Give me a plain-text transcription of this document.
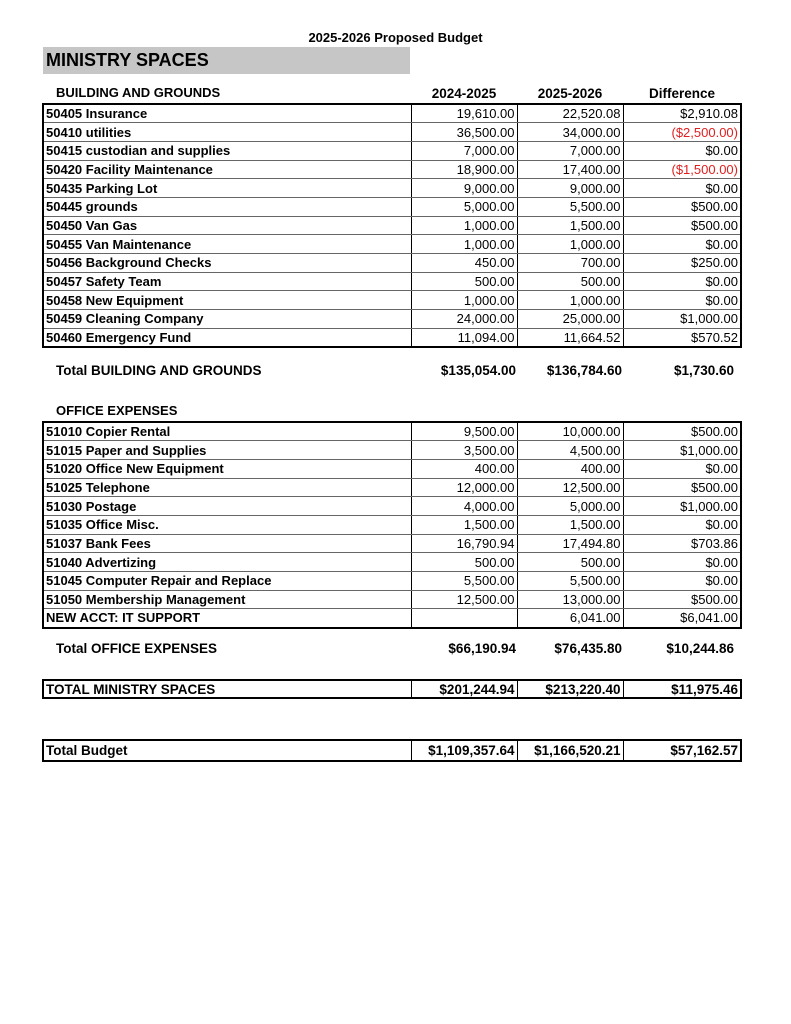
2025-2026 Proposed Budget
MINISTRY SPACES
BUILDING AND GROUNDS	2024-2025	2025-2026	Difference
50405 Insurance	19,610.00	22,520.08	$2,910.08
50410 utilities	36,500.00	34,000.00	($2,500.00)
50415 custodian and supplies	7,000.00	7,000.00	$0.00
50420 Facility Maintenance	18,900.00	17,400.00	($1,500.00)
50435 Parking Lot	9,000.00	9,000.00	$0.00
50445 grounds	5,000.00	5,500.00	$500.00
50450 Van Gas	1,000.00	1,500.00	$500.00
50455 Van Maintenance	1,000.00	1,000.00	$0.00
50456 Background Checks	450.00	700.00	$250.00
50457 Safety Team	500.00	500.00	$0.00
50458 New Equipment	1,000.00	1,000.00	$0.00
50459 Cleaning Company	24,000.00	25,000.00	$1,000.00
50460 Emergency Fund	11,094.00	11,664.52	$570.52
Total BUILDING AND GROUNDS	$135,054.00 $136,784.60	$1,730.60
OFFICE EXPENSES
51010 Copier Rental	9,500.00	10,000.00	$500.00
51015 Paper and Supplies	3,500.00	4,500.00	$1,000.00
51020 Office New Equipment	400.00	400.00	$0.00
51025 Telephone	12,000.00	12,500.00	$500.00
51030 Postage	4,000.00	5,000.00	$1,000.00
51035 Office Misc.	1,500.00	1,500.00	$0.00
51037 Bank Fees	16,790.94	17,494.80	$703.86
51040 Advertizing	500.00	500.00	$0.00
51045 Computer Repair and Replace	5,500.00	5,500.00	$0.00
51050 Membership Management	12,500.00	13,000.00	$500.00
NEW ACCT: IT SUPPORT		6,041.00	$6,041.00
Total OFFICE EXPENSES	$66,190.94	$76,435.80	$10,244.86
TOTAL MINISTRY SPACES	$201,244.94	$213,220.40	$11,975.46
Total Budget	$1,109,357.64	$1,166,520.21	$57,162.57
